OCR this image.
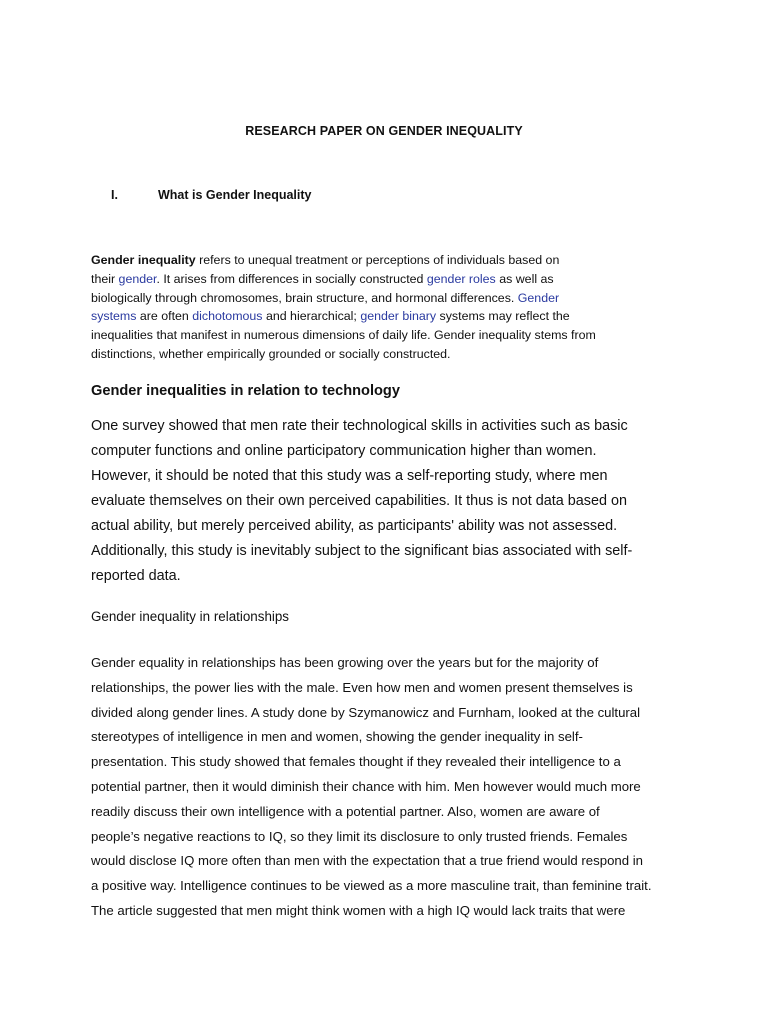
RESEARCH PAPER ON GENDER INEQUALITY
I.	What is Gender Inequality
Gender inequality refers to unequal treatment or perceptions of individuals based on
their gender. It arises from differences in socially constructed gender roles as well as
biologically through chromosomes, brain structure, and hormonal differences. Gender
systems are often dichotomous and hierarchical; gender binary systems may reflect the
inequalities that manifest in numerous dimensions of daily life. Gender inequality stems from
distinctions, whether empirically grounded or socially constructed.
Gender inequalities in relation to technology
One survey showed that men rate their technological skills in activities such as basic
computer functions and online participatory communication higher than women.
However, it should be noted that this study was a self-reporting study, where men
evaluate themselves on their own perceived capabilities. It thus is not data based on
actual ability, but merely perceived ability, as participants' ability was not assessed.
Additionally, this study is inevitably subject to the significant bias associated with self-
reported data.
Gender inequality in relationships
Gender equality in relationships has been growing over the years but for the majority of
relationships, the power lies with the male. Even how men and women present themselves is
divided along gender lines. A study done by Szymanowicz and Furnham, looked at the cultural
stereotypes of intelligence in men and women, showing the gender inequality in self-
presentation. This study showed that females thought if they revealed their intelligence to a
potential partner, then it would diminish their chance with him. Men however would much more
readily discuss their own intelligence with a potential partner. Also, women are aware of
people’s negative reactions to IQ, so they limit its disclosure to only trusted friends. Females
would disclose IQ more often than men with the expectation that a true friend would respond in
a positive way. Intelligence continues to be viewed as a more masculine trait, than feminine trait.
The article suggested that men might think women with a high IQ would lack traits that were
